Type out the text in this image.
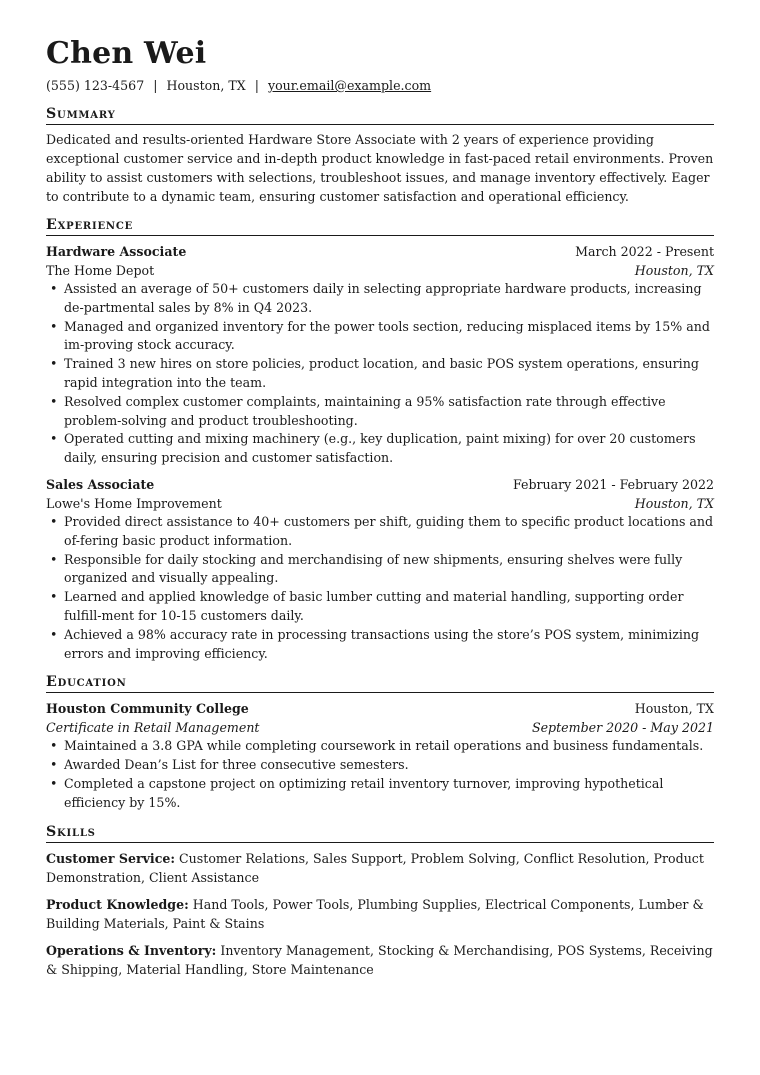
Chen Wei
(555) 123-4567 | Houston, TX | your.email@example.com
Summary
Dedicated and results-oriented Hardware Store Associate with 2 years of experience providing exceptional customer service and in-depth product knowledge in fast-paced retail environments. Proven ability to assist customers with selections, troubleshoot issues, and manage inventory effectively. Eager to contribute to a dynamic team, ensuring customer satisfaction and operational efficiency.
Experience
Hardware Associate	March 2022 - Present
The Home Depot	Houston, TX
• Assisted an average of 50+ customers daily in selecting appropriate hardware products, increasing de-partmental sales by 8% in Q4 2023.
• Managed and organized inventory for the power tools section, reducing misplaced items by 15% and im-proving stock accuracy.
• Trained 3 new hires on store policies, product location, and basic POS system operations, ensuring rapid integration into the team.
• Resolved complex customer complaints, maintaining a 95% satisfaction rate through effective problem-solving and product troubleshooting.
• Operated cutting and mixing machinery (e.g., key duplication, paint mixing) for over 20 customers daily, ensuring precision and customer satisfaction.
Sales Associate	February 2021 - February 2022
Lowe's Home Improvement	Houston, TX
• Provided direct assistance to 40+ customers per shift, guiding them to specific product locations and of-fering basic product information.
• Responsible for daily stocking and merchandising of new shipments, ensuring shelves were fully organized and visually appealing.
• Learned and applied knowledge of basic lumber cutting and material handling, supporting order fulfill-ment for 10-15 customers daily.
• Achieved a 98% accuracy rate in processing transactions using the store’s POS system, minimizing errors and improving efficiency.
Education
Houston Community College	Houston, TX
Certificate in Retail Management	September 2020 - May 2021
• Maintained a 3.8 GPA while completing coursework in retail operations and business fundamentals.
• Awarded Dean’s List for three consecutive semesters.
• Completed a capstone project on optimizing retail inventory turnover, improving hypothetical efficiency by 15%.
Skills
Customer Service: Customer Relations, Sales Support, Problem Solving, Conflict Resolution, Product Demonstration, Client Assistance
Product Knowledge: Hand Tools, Power Tools, Plumbing Supplies, Electrical Components, Lumber & Building Materials, Paint & Stains
Operations & Inventory: Inventory Management, Stocking & Merchandising, POS Systems, Receiving & Shipping, Material Handling, Store Maintenance
